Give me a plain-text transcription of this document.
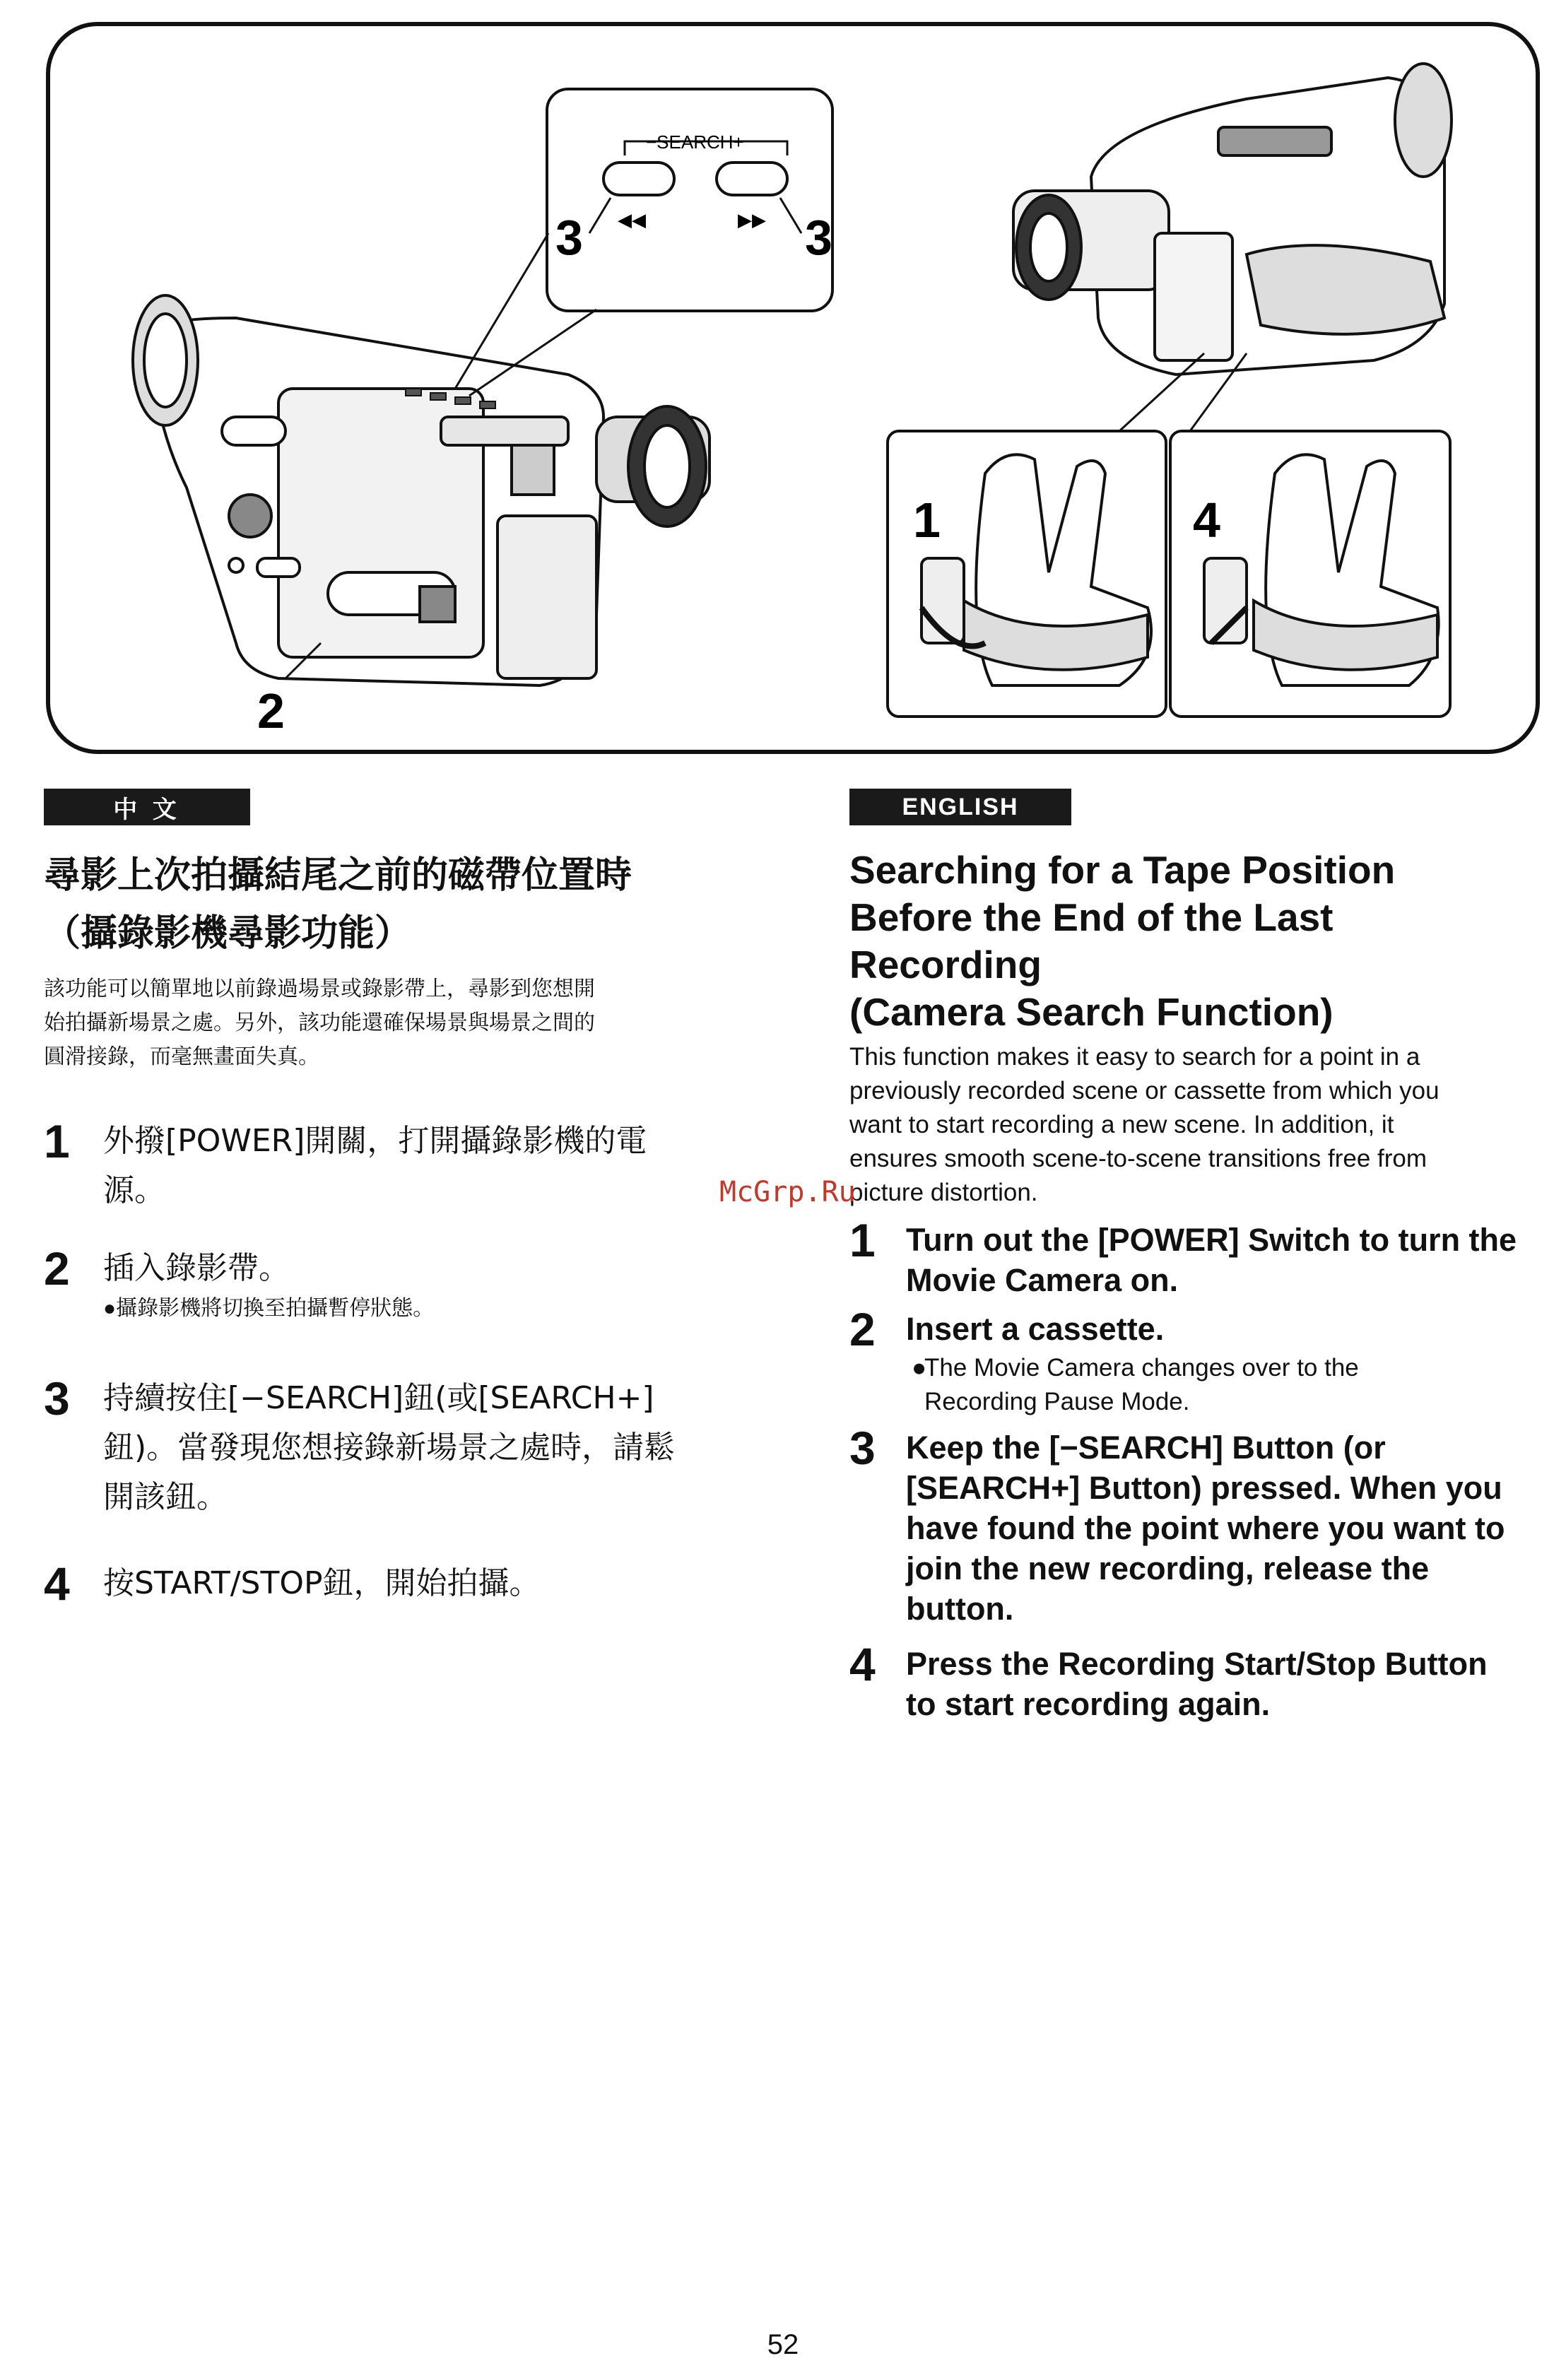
−SEARCH+
◀◀	▶▶
3	3
2
1	4
中 文
尋影上次拍攝結尾之前的磁帶位置時
（攝錄影機尋影功能）
該功能可以簡單地以前錄過場景或錄影帶上，尋影到您想開
始拍攝新場景之處。另外，該功能還確保場景與場景之間的
圓滑接錄，而毫無畫面失真。
1 外撥[POWER]開關，打開攝錄影機的電
源。
2 插入錄影帶。
●攝錄影機將切換至拍攝暫停狀態。
3 持續按住[−SEARCH]鈕(或[SEARCH+]
鈕)。當發現您想接錄新場景之處時，請鬆
開該鈕。
4 按START/STOP鈕，開始拍攝。
ENGLISH
Searching for a Tape Position
Before the End of the Last
Recording
(Camera Search Function)
This function makes it easy to search for a point in a
previously recorded scene or cassette from which you
want to start recording a new scene. In addition, it
ensures smooth scene-to-scene transitions free from
picture distortion.
1 Turn out the [POWER] Switch to turn the
Movie Camera on.
2 Insert a cassette.
●
The Movie Camera changes over to the
Recording Pause Mode.
3 Keep the [−SEARCH] Button (or
[SEARCH+] Button) pressed. When you
have found the point where you want to
join the new recording, release the
button.
4 Press the Recording Start/Stop Button
to start recording again.
McGrp.Ru
52
